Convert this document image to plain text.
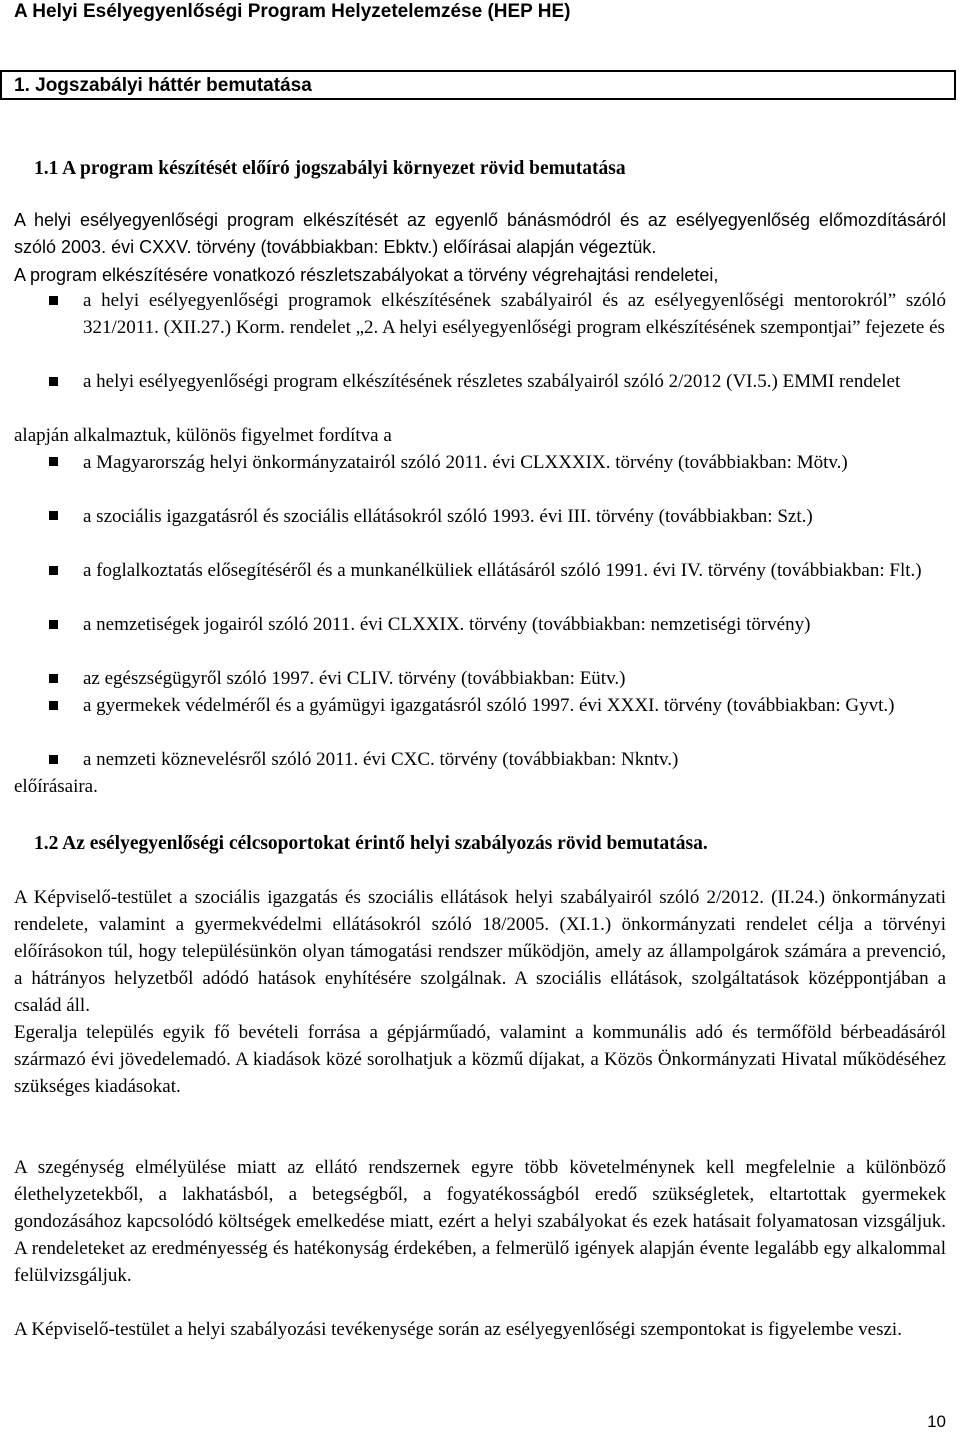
A Helyi Esélyegyenlőségi Program Helyzetelemzése (HEP HE)
1. Jogszabályi háttér bemutatása
1.1 A program készítését előíró jogszabályi környezet rövid bemutatása
A helyi esélyegyenlőségi program elkészítését az egyenlő bánásmódról és az esélyegyenlőség előmozdításáról szóló 2003. évi CXXV. törvény (továbbiakban: Ebktv.) előírásai alapján végeztük.
A program elkészítésére vonatkozó részletszabályokat a törvény végrehajtási rendeletei,
a helyi esélyegyenlőségi programok elkészítésének szabályairól és az esélyegyenlőségi mentorokról” szóló 321/2011. (XII.27.) Korm. rendelet „2. A helyi esélyegyenlőségi program elkészítésének szempontjai” fejezete és
a helyi esélyegyenlőségi program elkészítésének részletes szabályairól szóló 2/2012 (VI.5.) EMMI rendelet
alapján alkalmaztuk, különös figyelmet fordítva a
a Magyarország helyi önkormányzatairól szóló 2011. évi CLXXXIX. törvény (továbbiakban: Mötv.)
a szociális igazgatásról és szociális ellátásokról szóló 1993. évi III. törvény (továbbiakban: Szt.)
a foglalkoztatás elősegítéséről és a munkanélküliek ellátásáról szóló 1991. évi IV. törvény (továbbiakban: Flt.)
a nemzetiségek jogairól szóló 2011. évi CLXXIX. törvény (továbbiakban: nemzetiségi törvény)
az egészségügyről szóló 1997. évi CLIV. törvény (továbbiakban: Eütv.)
a gyermekek védelméről és a gyámügyi igazgatásról szóló 1997. évi XXXI. törvény (továbbiakban: Gyvt.)
a nemzeti köznevelésről szóló 2011. évi CXC. törvény (továbbiakban: Nkntv.)
előírásaira.
1.2 Az esélyegyenlőségi célcsoportokat érintő helyi szabályozás rövid bemutatása.
A Képviselő-testület a szociális igazgatás és szociális ellátások helyi szabályairól szóló 2/2012. (II.24.) önkormányzati rendelete, valamint a gyermekvédelmi ellátásokról szóló 18/2005. (XI.1.) önkormányzati rendelet célja a törvényi előírásokon túl, hogy településünkön olyan támogatási rendszer működjön, amely az állampolgárok számára a prevenció, a hátrányos helyzetből adódó hatások enyhítésére szolgálnak. A szociális ellátások, szolgáltatások középpontjában a család áll.
Egeralja település egyik fő bevételi forrása a gépjárműadó, valamint a kommunális adó és termőföld bérbeadásáról származó évi jövedelemadó. A kiadások közé sorolhatjuk a közmű díjakat, a Közös Önkormányzati Hivatal működéséhez szükséges kiadásokat.
A szegénység elmélyülése miatt az ellátó rendszernek egyre több követelménynek kell megfelelnie a különböző élethelyzetekből, a lakhatásból, a betegségből, a fogyatékosságból eredő szükségletek, eltartottak gyermekek gondozásához kapcsolódó költségek emelkedése miatt, ezért a helyi szabályokat és ezek hatásait folyamatosan vizsgáljuk. A rendeleteket az eredményesség és hatékonyság érdekében, a felmerülő igények alapján évente legalább egy alkalommal felülvizsgáljuk.
A Képviselő-testület a helyi szabályozási tevékenysége során az esélyegyenlőségi szempontokat is figyelembe veszi.
10
